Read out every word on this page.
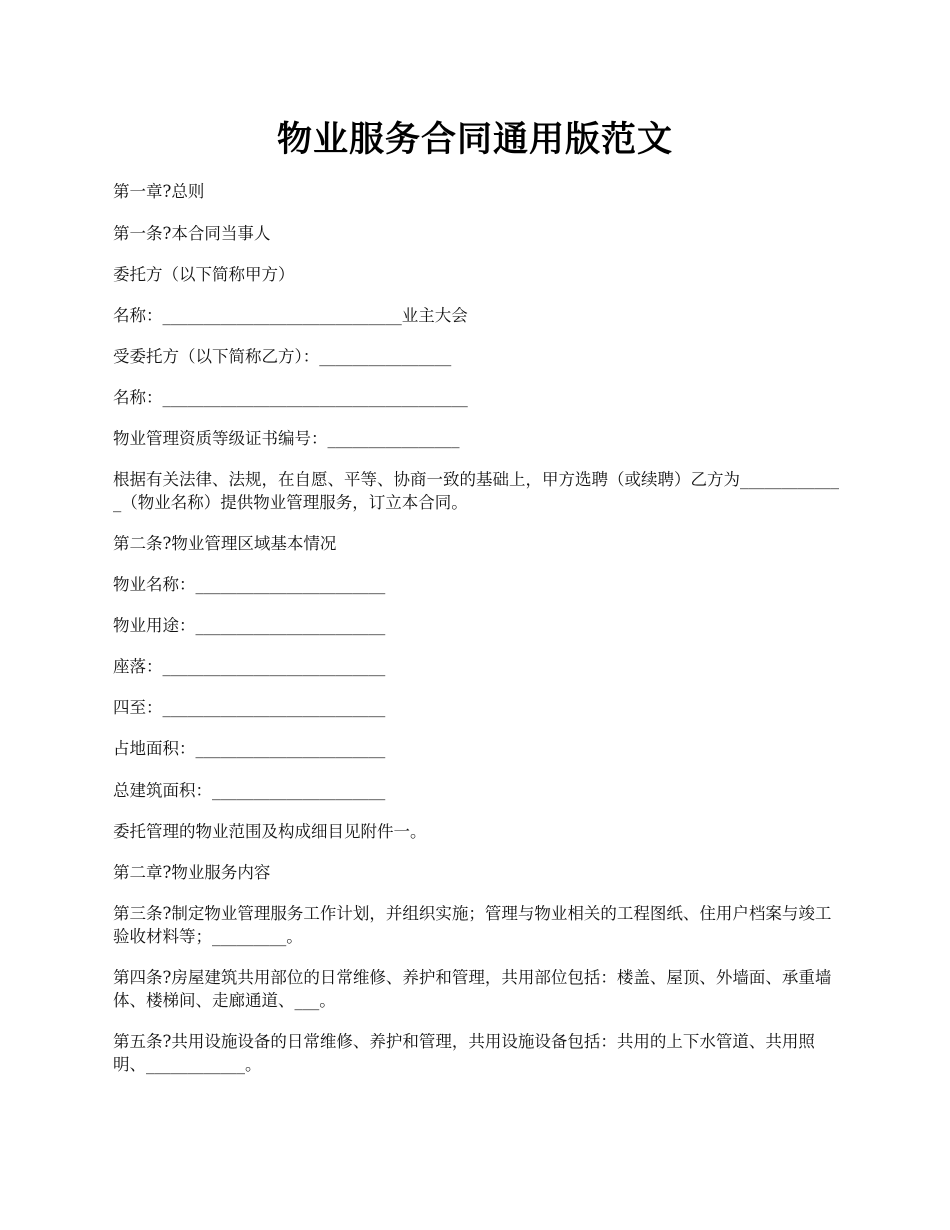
物业服务合同通用版范文
第一章?总则
第一条?本合同当事人
委托方（以下简称甲方）
名称：_____________________________业主大会
受委托方（以下简称乙方）：________________
名称：_____________________________________
物业管理资质等级证书编号：________________
根据有关法律、法规，在自愿、平等、协商一致的基础上，甲方选聘（或续聘）乙方为_____________（物业名称）提供物业管理服务，订立本合同。
第二条?物业管理区域基本情况
物业名称：_______________________
物业用途：_______________________
座落：___________________________
四至：___________________________
占地面积：_______________________
总建筑面积：_____________________
委托管理的物业范围及构成细目见附件一。
第二章?物业服务内容
第三条?制定物业管理服务工作计划，并组织实施；管理与物业相关的工程图纸、住用户档案与竣工验收材料等；_________。
第四条?房屋建筑共用部位的日常维修、养护和管理，共用部位包括：楼盖、屋顶、外墙面、承重墙体、楼梯间、走廊通道、___。
第五条?共用设施设备的日常维修、养护和管理，共用设施设备包括：共用的上下水管道、共用照明、____________。
